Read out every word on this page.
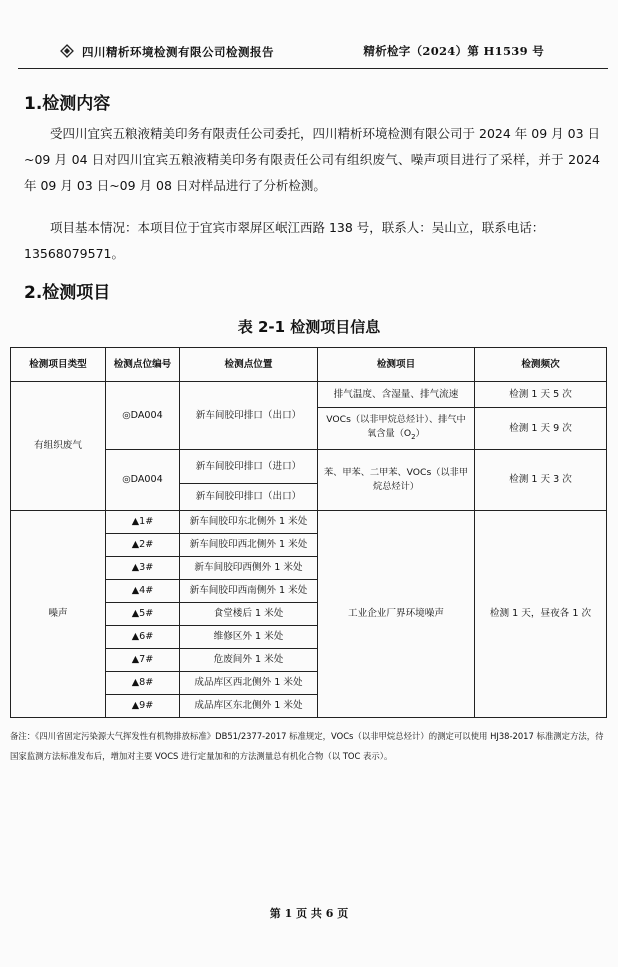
四川精析环境检测有限公司检测报告	精析检字（2024）第 H1539 号
1.检测内容

受四川宜宾五粮液精美印务有限责任公司委托，四川精析环境检测有限公司于 2024 年 09 月 03 日~09 月 04 日对四川宜宾五粮液精美印务有限责任公司有组织废气、噪声项目进行了采样，并于 2024 年 09 月 03 日~09 月 08 日对样品进行了分析检测。

项目基本情况：本项目位于宜宾市翠屏区岷江西路 138 号，联系人：吴山立，联系电话：

13568079571。

2.检测项目
表 2-1 检测项目信息
检测项目类型	检测点位编号	检测点位置	检测项目	检测频次
有组织废气	◎DA004	新车间胶印排口（出口）	排气温度、含湿量、排气流速	检测 1 天 5 次
			VOCs（以非甲烷总烃计）、排气中氧含量$(O_2)$	检测 1 天 9 次
	◎DA004	新车间胶印排口（进口）	苯、甲苯、二甲苯、VOCs（以非甲烷总烃计）	检测 1 天 3 次
		新车间胶印排口（出口）		
噪声	▲1#	新车间胶印东北侧外 1 米处	工业企业厂界环境噪声	检测 1 天，昼夜各 1 次
	▲2#	新车间胶印西北侧外 1 米处		
	▲3#	新车间胶印西侧外 1 米处		
	▲4#	新车间胶印西南侧外 1 米处		
	▲5#	食堂楼后 1 米处		
	▲6#	维修区外 1 米处		
	▲7#	危废间外 1 米处		
	▲8#	成品库区西北侧外 1 米处		
	▲9#	成品库区东北侧外 1 米处		
备注：《四川省固定污染源大气挥发性有机物排放标准》DB51/2377-2017 标准规定，VOCs（以非甲烷总烃计）的测定可以使用 HJ38-2017 标准测定方法，待国家监测方法标准发布后，增加对主要 VOCS 进行定量加和的方法测量总有机化合物（以 TOC 表示）。
第 1 页 共 6 页
